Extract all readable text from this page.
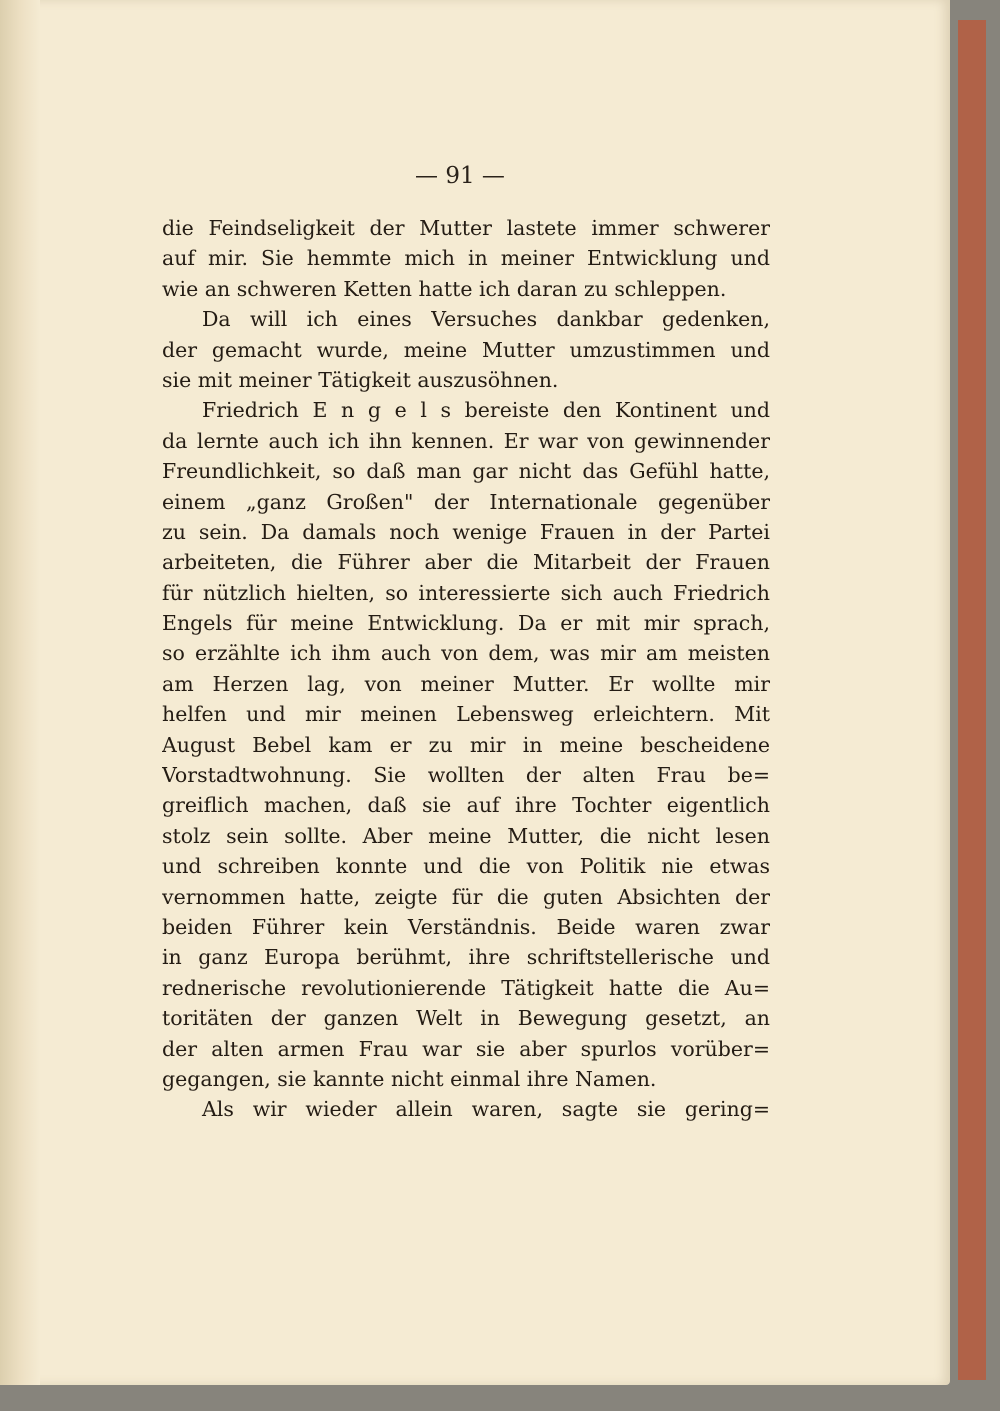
— 91 —
die Feindseligkeit der Mutter lastete immer schwerer
auf mir. Sie hemmte mich in meiner Entwicklung und
wie an schweren Ketten hatte ich daran zu schleppen.
Da will ich eines Versuches dankbar gedenken,
der gemacht wurde, meine Mutter umzustimmen und
sie mit meiner Tätigkeit auszusöhnen.
Friedrich E n g e l s bereiste den Kontinent und
da lernte auch ich ihn kennen. Er war von gewinnender
Freundlichkeit, so daß man gar nicht das Gefühl hatte,
einem „ganz Großen" der Internationale gegenüber
zu sein. Da damals noch wenige Frauen in der Partei
arbeiteten, die Führer aber die Mitarbeit der Frauen
für nützlich hielten, so interessierte sich auch Friedrich
Engels für meine Entwicklung. Da er mit mir sprach,
so erzählte ich ihm auch von dem, was mir am meisten
am Herzen lag, von meiner Mutter. Er wollte mir
helfen und mir meinen Lebensweg erleichtern. Mit
August Bebel kam er zu mir in meine bescheidene
Vorstadtwohnung. Sie wollten der alten Frau be=
greiflich machen, daß sie auf ihre Tochter eigentlich
stolz sein sollte. Aber meine Mutter, die nicht lesen
und schreiben konnte und die von Politik nie etwas
vernommen hatte, zeigte für die guten Absichten der
beiden Führer kein Verständnis. Beide waren zwar
in ganz Europa berühmt, ihre schriftstellerische und
rednerische revolutionierende Tätigkeit hatte die Au=
toritäten der ganzen Welt in Bewegung gesetzt, an
der alten armen Frau war sie aber spurlos vorüber=
gegangen, sie kannte nicht einmal ihre Namen.
Als wir wieder allein waren, sagte sie gering=
